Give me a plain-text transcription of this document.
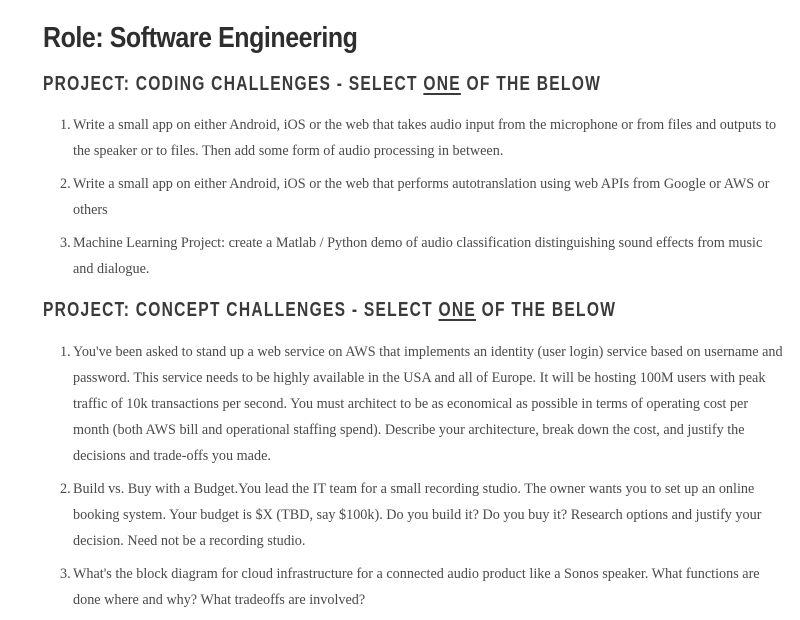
Role: Software Engineering
PROJECT: CODING CHALLENGES - SELECT ONE OF THE BELOW
1. Write a small app on either Android, iOS or the web that takes audio input from the microphone or from files and outputs to the speaker or to files. Then add some form of audio processing in between.
2. Write a small app on either Android, iOS or the web that performs autotranslation using web APIs from Google or AWS or others
3. Machine Learning Project: create a Matlab / Python demo of audio classification distinguishing sound effects from music and dialogue.
PROJECT: CONCEPT CHALLENGES - SELECT ONE OF THE BELOW
1. You've been asked to stand up a web service on AWS that implements an identity (user login) service based on username and password. This service needs to be highly available in the USA and all of Europe. It will be hosting 100M users with peak traffic of 10k transactions per second. You must architect to be as economical as possible in terms of operating cost per month (both AWS bill and operational staffing spend). Describe your architecture, break down the cost, and justify the decisions and trade-offs you made.
2. Build vs. Buy with a Budget.You lead the IT team for a small recording studio. The owner wants you to set up an online booking system. Your budget is $X (TBD, say $100k). Do you build it? Do you buy it? Research options and justify your decision. Need not be a recording studio.
3. What's the block diagram for cloud infrastructure for a connected audio product like a Sonos speaker. What functions are done where and why? What tradeoffs are involved?
